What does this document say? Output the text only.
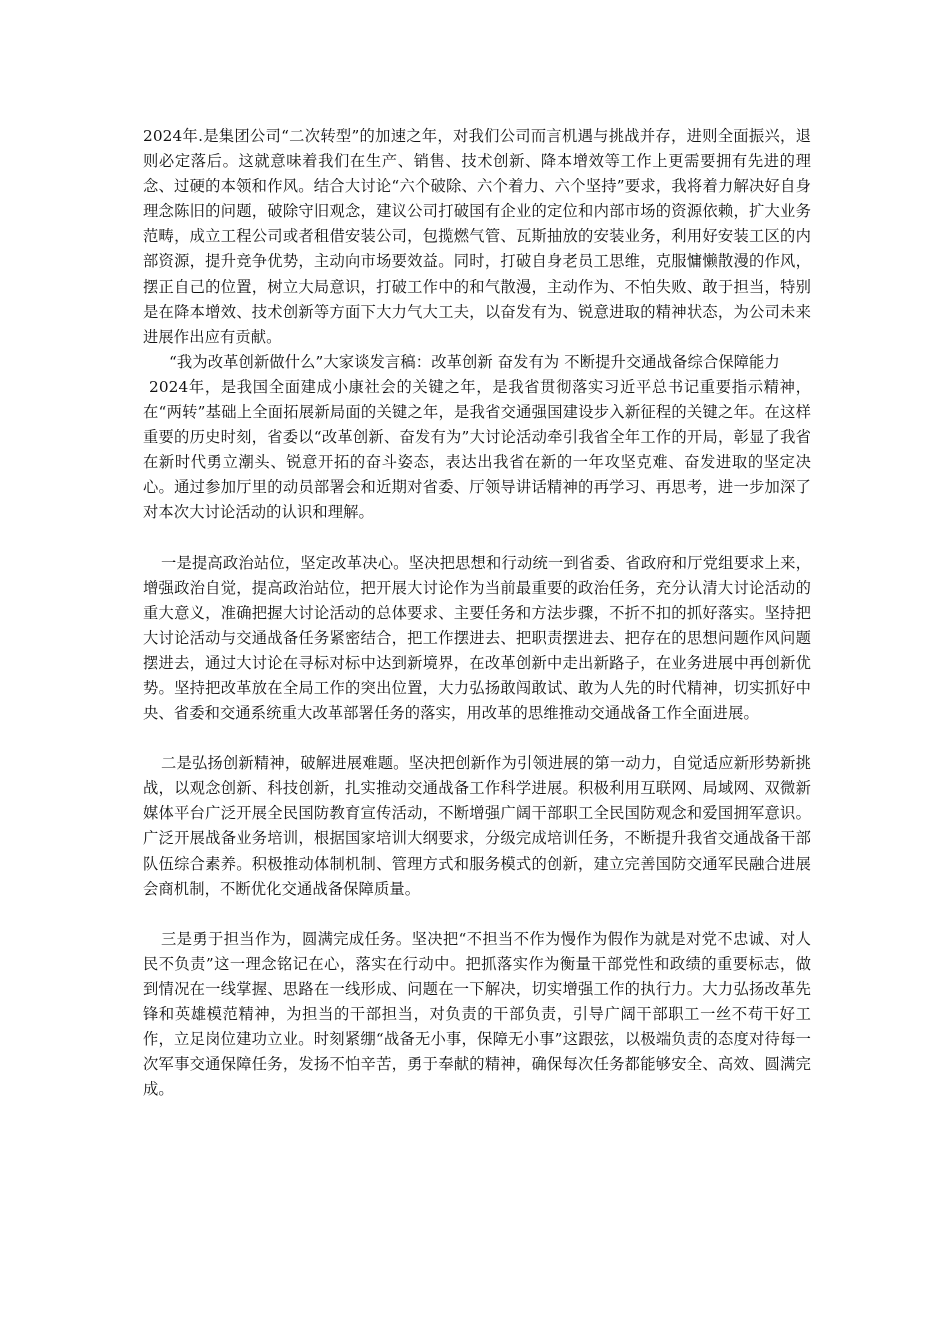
2024年.是集团公司“二次转型”的加速之年，对我们公司而言机遇与挑战并存，进则全面振兴，退则必定落后。这就意味着我们在生产、销售、技术创新、降本增效等工作上更需要拥有先进的理念、过硬的本领和作风。结合大讨论“六个破除、六个着力、六个坚持”要求，我将着力解决好自身理念陈旧的问题，破除守旧观念，建议公司打破国有企业的定位和内部市场的资源依赖，扩大业务范畴，成立工程公司或者租借安装公司，包揽燃气管、瓦斯抽放的安装业务，利用好安装工区的内部资源，提升竞争优势，主动向市场要效益。同时，打破自身老员工思维，克服慵懒散漫的作风，摆正自己的位置，树立大局意识，打破工作中的和气散漫，主动作为、不怕失败、敢于担当，特别是在降本增效、技术创新等方面下大力气大工夫，以奋发有为、锐意进取的精神状态，为公司未来进展作出应有贡献。

“我为改革创新做什么”大家谈发言稿：改革创新 奋发有为 不断提升交通战备综合保障能力

2024年，是我国全面建成小康社会的关键之年，是我省贯彻落实习近平总书记重要指示精神，在“两转”基础上全面拓展新局面的关键之年，是我省交通强国建设步入新征程的关键之年。在这样重要的历史时刻，省委以“改革创新、奋发有为”大讨论活动牵引我省全年工作的开局，彰显了我省在新时代勇立潮头、锐意开拓的奋斗姿态，表达出我省在新的一年攻坚克难、奋发进取的坚定决心。通过参加厅里的动员部署会和近期对省委、厅领导讲话精神的再学习、再思考，进一步加深了对本次大讨论活动的认识和理解。

一是提高政治站位，坚定改革决心。坚决把思想和行动统一到省委、省政府和厅党组要求上来，增强政治自觉，提高政治站位，把开展大讨论作为当前最重要的政治任务，充分认清大讨论活动的重大意义，准确把握大讨论活动的总体要求、主要任务和方法步骤，不折不扣的抓好落实。坚持把大讨论活动与交通战备任务紧密结合，把工作摆进去、把职责摆进去、把存在的思想问题作风问题摆进去，通过大讨论在寻标对标中达到新境界，在改革创新中走出新路子，在业务进展中再创新优势。坚持把改革放在全局工作的突出位置，大力弘扬敢闯敢试、敢为人先的时代精神，切实抓好中央、省委和交通系统重大改革部署任务的落实，用改革的思维推动交通战备工作全面进展。

二是弘扬创新精神，破解进展难题。坚决把创新作为引领进展的第一动力，自觉适应新形势新挑战，以观念创新、科技创新，扎实推动交通战备工作科学进展。积极利用互联网、局域网、双微新媒体平台广泛开展全民国防教育宣传活动，不断增强广阔干部职工全民国防观念和爱国拥军意识。广泛开展战备业务培训，根据国家培训大纲要求，分级完成培训任务，不断提升我省交通战备干部队伍综合素养。积极推动体制机制、管理方式和服务模式的创新，建立完善国防交通军民融合进展会商机制，不断优化交通战备保障质量。

三是勇于担当作为，圆满完成任务。坚决把“不担当不作为慢作为假作为就是对党不忠诚、对人民不负责”这一理念铭记在心，落实在行动中。把抓落实作为衡量干部党性和政绩的重要标志，做到情况在一线掌握、思路在一线形成、问题在一下解决，切实增强工作的执行力。大力弘扬改革先锋和英雄模范精神，为担当的干部担当，对负责的干部负责，引导广阔干部职工一丝不苟干好工作，立足岗位建功立业。时刻紧绷“战备无小事，保障无小事”这跟弦，以极端负责的态度对待每一次军事交通保障任务，发扬不怕辛苦，勇于奉献的精神，确保每次任务都能够安全、高效、圆满完成。
